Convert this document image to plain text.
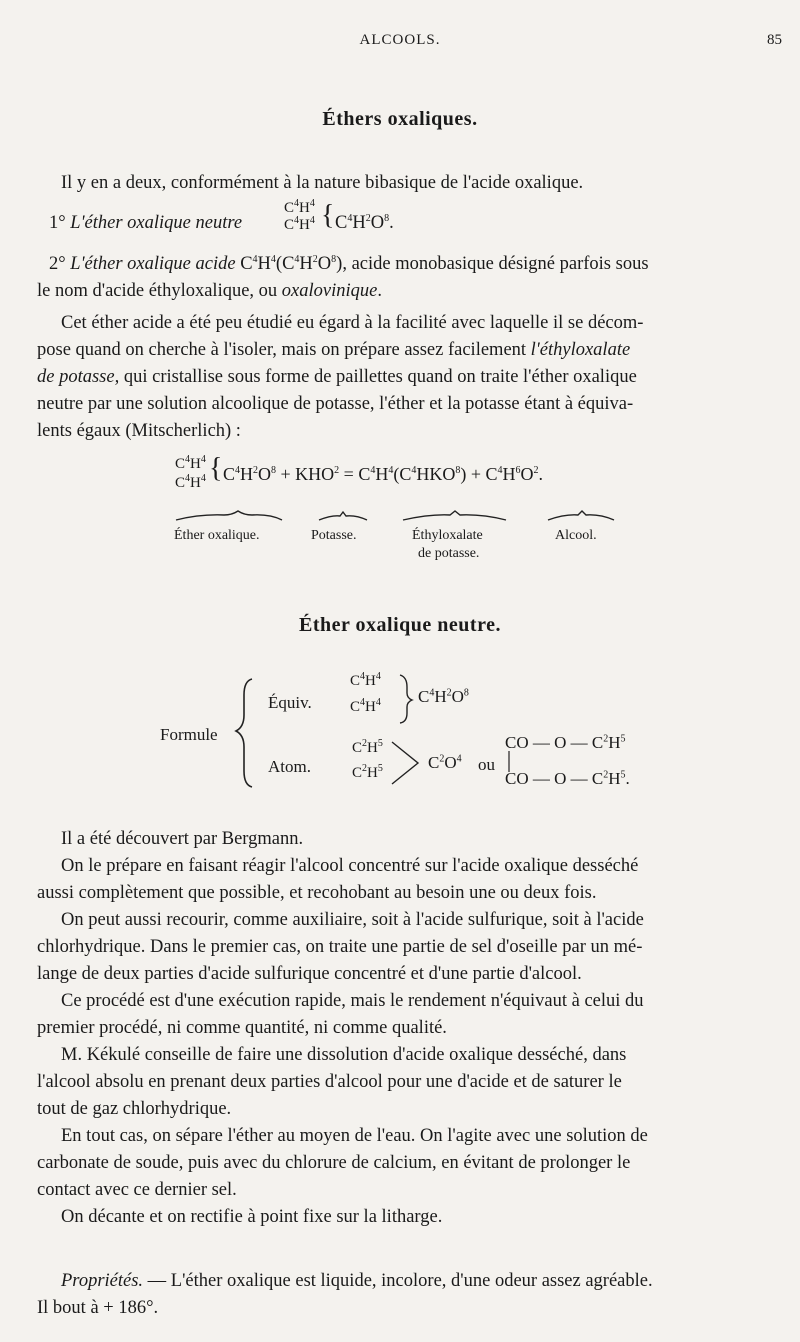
ALCOOLS.	85
Éthers oxaliques.
Il y en a deux, conformément à la nature bibasique de l'acide oxalique.
1° L'éther oxalique neutre
$C^4H^4$
$C^4H^4$ { $C^4H^2O^8$.
2° L'éther oxalique acide $C^4H^4(C^4H^2O^8)$, acide monobasique désigné parfois sous
le nom d'acide éthyloxalique, ou oxalovinique.
Cet éther acide a été peu étudié eu égard à la facilité avec laquelle il se décom-
pose quand on cherche à l'isoler, mais on prépare assez facilement l'éthyloxalate
de potasse, qui cristallise sous forme de paillettes quand on traite l'éther oxalique
neutre par une solution alcoolique de potasse, l'éther et la potasse étant à équiva-
lents égaux (Mitscherlich) :
$C^4H^4$
$C^4H^4$ { $C^4H^2O^8 + KHO^2 = C^4H^4(C^4HKO^8) + C^4H^6O^2$.
Éther oxalique.	Potasse.	Éthyloxalate
de potasse.
Alcool.
Éther oxalique neutre.
Formule
Équiv.
$C^4H^4$
$C^4H^4$ $C^4H^2O^8$
Atom.
$C^2H^5$
$C^2H^5$	$C^2O^4$ ou
CO — O — $C^2H^5$
CO — O — $C^2H^5$.
Il a été découvert par Bergmann.
On le prépare en faisant réagir l'alcool concentré sur l'acide oxalique desséché
aussi complètement que possible, et recohobant au besoin une ou deux fois.
On peut aussi recourir, comme auxiliaire, soit à l'acide sulfurique, soit à l'acide
chlorhydrique. Dans le premier cas, on traite une partie de sel d'oseille par un mé-
lange de deux parties d'acide sulfurique concentré et d'une partie d'alcool.
Ce procédé est d'une exécution rapide, mais le rendement n'équivaut à celui du
premier procédé, ni comme quantité, ni comme qualité.
M. Kékulé conseille de faire une dissolution d'acide oxalique desséché, dans
l'alcool absolu en prenant deux parties d'alcool pour une d'acide et de saturer le
tout de gaz chlorhydrique.
En tout cas, on sépare l'éther au moyen de l'eau. On l'agite avec une solution de
carbonate de soude, puis avec du chlorure de calcium, en évitant de prolonger le
contact avec ce dernier sel.
On décante et on rectifie à point fixe sur la litharge.
Propriétés. — L'éther oxalique est liquide, incolore, d'une odeur assez agréable.
Il bout à + 186°.
